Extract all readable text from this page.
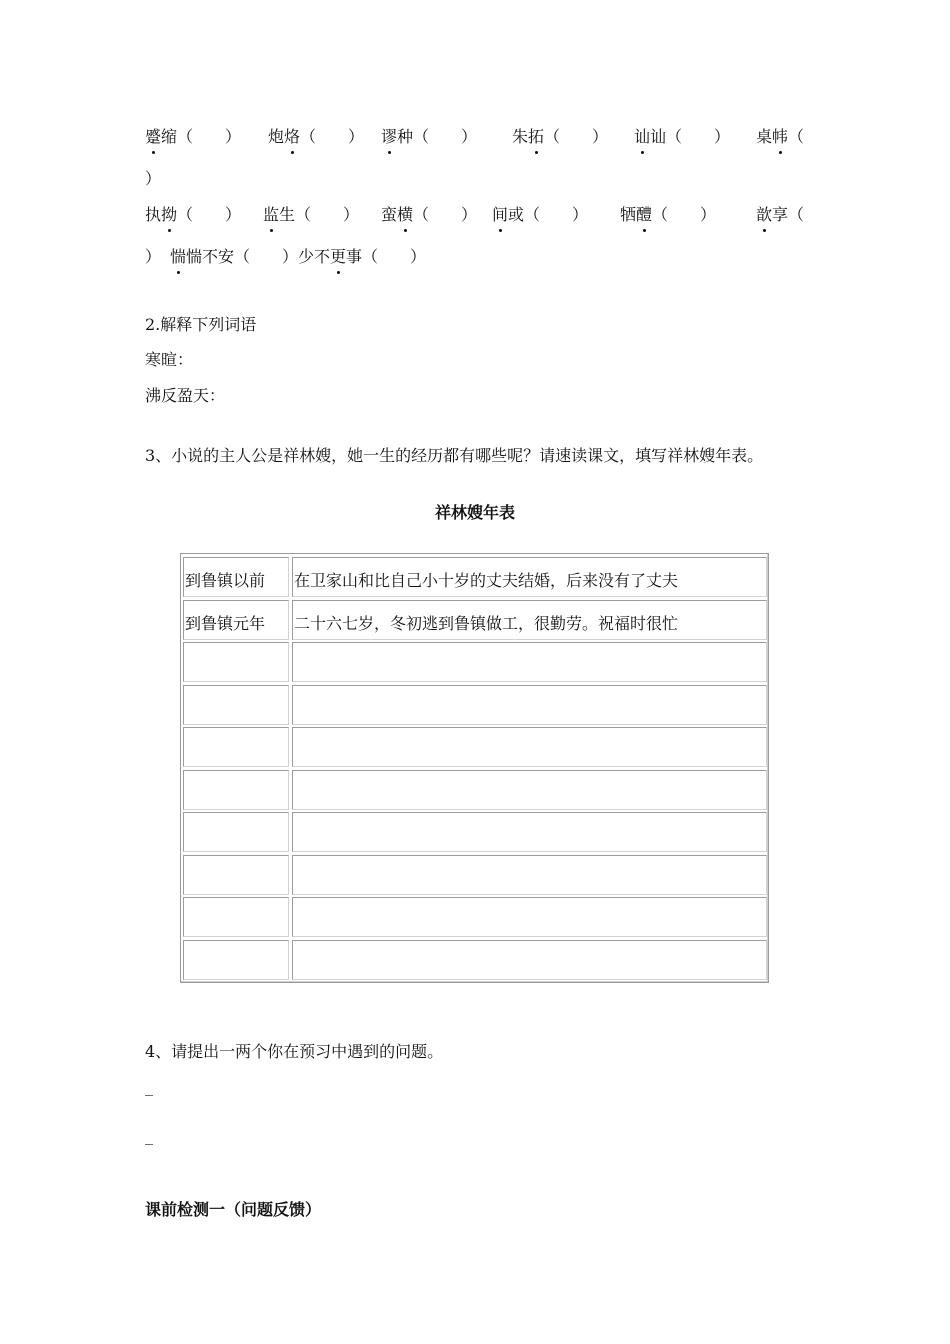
蹙缩（　　） 炮烙（　　） 谬种（　　） 朱拓（　　） 讪讪（　　） 桌帏（
）
执拗（　　） 监生（　　） 蛮横（　　） 间或（　　） 牺醴（　　） 歆享（
） 惴惴不安（　　）少不更事（　　）
2.解释下列词语
寒暄：
沸反盈天：
3、小说的主人公是祥林嫂，她一生的经历都有哪些呢？请速读课文，填写祥林嫂年表。
祥林嫂年表
到鲁镇以前	在卫家山和比自己小十岁的丈夫结婚，后来没有了丈夫
到鲁镇元年	二十六七岁，冬初逃到鲁镇做工，很勤劳。祝福时很忙
4、请提出一两个你在预习中遇到的问题。
_
_
课前检测一（问题反馈）
